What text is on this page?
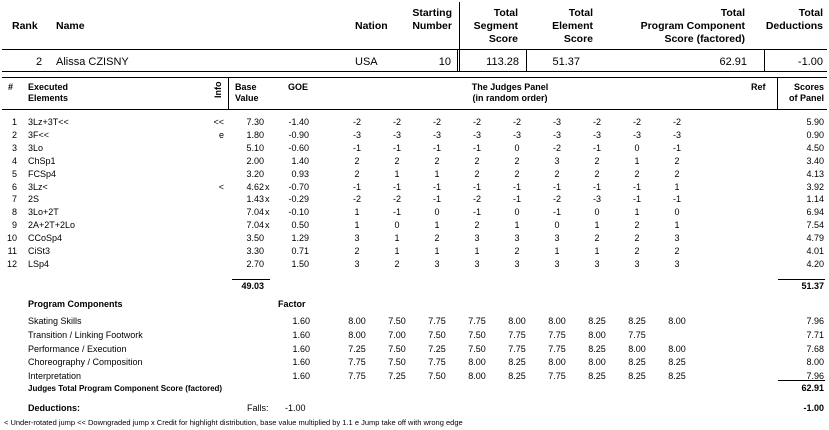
Rank Name	Nation
Starting
Number
Total
Segment
Score
Total
Element
Score
Total
Program Component
Score (factored)
Total
Deductions
2 Alissa CZISNY	USA	10	113.28	51.37	62.91	-1.00
# Executed
Elements	Info Base
Value
GOE	The Judges Panel
(in random order)
Ref	Scores
of Panel
1 3Lz+3T<<	<<	7.30	-1.40	-2	-2	-2	-2	-2	-3	-2	-2	-2	5.90
2 3F<<	e	1.80	-0.90	-3	-3	-3	-3	-3	-3	-3	-3	-3	0.90
3 3Lo	5.10	-0.60	-1	-1	-1	-1	0	-2	-1	0	-1	4.50
4 ChSp1	2.00	1.40	2	2	2	2	2	3	2	1	2	3.40
5 FCSp4	3.20	0.93	2	1	1	2	2	2	2	2	2	4.13
6 3Lz<	<	4.62 x	-0.70	-1	-1	-1	-1	-1	-1	-1	-1	1	3.92
7 2S	1.43 x	-0.29	-2	-2	-1	-2	-1	-2	-3	-1	-1	1.14
8 3Lo+2T	7.04 x	-0.10	1	-1	0	-1	0	-1	0	1	0	6.94
9 2A+2T+2Lo	7.04 x	0.50	1	0	1	2	1	0	1	2	1	7.54
10 CCoSp4	3.50	1.29	3	1	2	3	3	3	2	2	3	4.79
11 CiSt3	3.30	0.71	2	1	1	1	2	1	1	2	2	4.01
12 LSp4	2.70	1.50	3	2	3	3	3	3	3	3	3	4.20
49.03	51.37
Program Components	Factor
Skating Skills	1.60	8.00	7.50	7.75	7.75	8.00	8.00	8.25	8.25	8.00	7.96
Transition / Linking Footwork	1.60	8.00	7.00	7.50	7.50	7.75	7.75	8.00	7.75	7.71
Performance / Execution	1.60	7.25	7.50	7.25	7.50	7.75	7.75	8.25	8.00	8.00	7.68
Choreography / Composition	1.60	7.75	7.50	7.75	8.00	8.25	8.00	8.00	8.25	8.25	8.00
Interpretation	1.60	7.75	7.25	7.50	8.00	8.25	7.75	8.25	8.25	8.25	7.96
Judges Total Program Component Score (factored)	62.91
Deductions:	Falls: -1.00	-1.00
< Under-rotated jump << Downgraded jump x Credit for highlight distribution, base value multiplied by 1.1 e Jump take off with wrong edge
